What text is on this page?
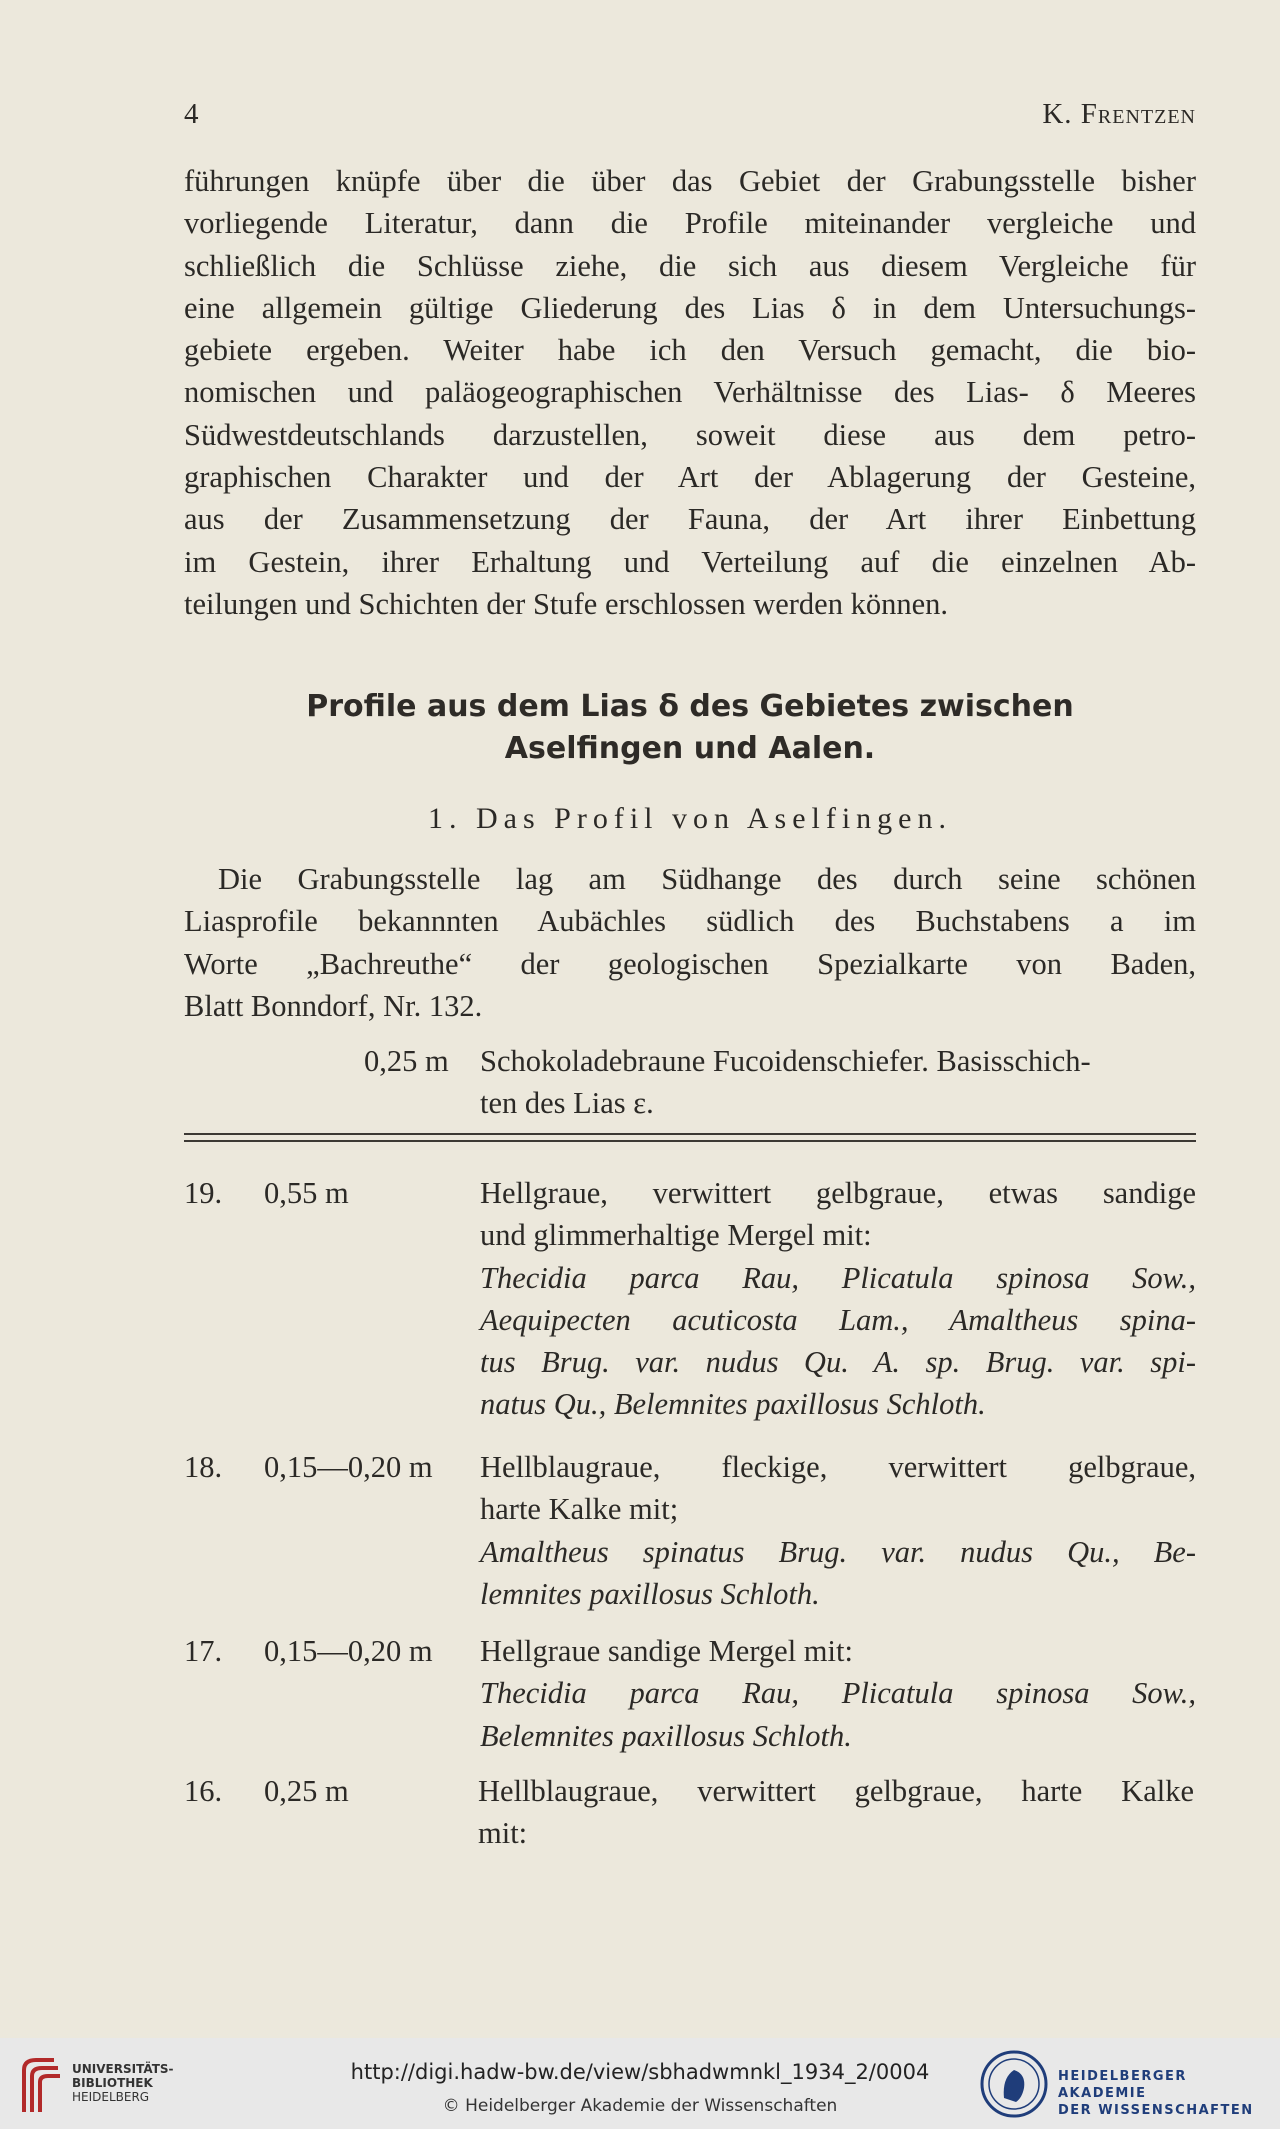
4	K. Frentzen
führungen knüpfe über die über das Gebiet der Grabungsstelle bisher
vorliegende Literatur, dann die Profile miteinander vergleiche und
schließlich die Schlüsse ziehe, die sich aus diesem Vergleiche für
eine allgemein gültige Gliederung des Lias δ in dem Untersuchungs-
gebiete ergeben. Weiter habe ich den Versuch gemacht, die bio-
nomischen und paläogeographischen Verhältnisse des Lias- δ Meeres
Südwestdeutschlands darzustellen, soweit diese aus dem petro-
graphischen Charakter und der Art der Ablagerung der Gesteine,
aus der Zusammensetzung der Fauna, der Art ihrer Einbettung
im Gestein, ihrer Erhaltung und Verteilung auf die einzelnen Ab-
teilungen und Schichten der Stufe erschlossen werden können.
Profile aus dem Lias δ des Gebietes zwischen
Aselfingen und Aalen.
1. Das Profil von Aselfingen.
Die Grabungsstelle lag am Südhange des durch seine schönen
Liasprofile bekannnten Aubächles südlich des Buchstabens a im
Worte „Bachreuthe“ der geologischen Spezialkarte von Baden,
Blatt Bonndorf, Nr. 132.
0,25 m Schokoladebraune Fucoidenschiefer. Basisschich-
ten des Lias ε.
19. 0,55 m	Hellgraue, verwittert gelbgraue, etwas sandige
und glimmerhaltige Mergel mit:
Thecidia parca Rau, Plicatula spinosa Sow.,
Aequipecten acuticosta Lam., Amaltheus spina-
tus Brug. var. nudus Qu. A. sp. Brug. var. spi-
natus Qu., Belemnites paxillosus Schloth.
18. 0,15—0,20 m Hellblaugraue, fleckige, verwittert gelbgraue,
harte Kalke mit;
Amaltheus spinatus Brug. var. nudus Qu., Be-
lemnites paxillosus Schloth.
17. 0,15—0,20 m Hellgraue sandige Mergel mit:
Thecidia parca Rau, Plicatula spinosa Sow.,
Belemnites paxillosus Schloth.
16. 0,25 m	Hellblaugraue, verwittert gelbgraue, harte Kalke
mit:
UNIVERSITÄTS-
BIBLIOTHEK
HEIDELBERG
http://digi.hadw-bw.de/view/sbhadwmnkl_1934_2/0004
© Heidelberger Akademie der Wissenschaften
HEIDELBERGER AKADEMIE
DER WISSENSCHAFTEN
